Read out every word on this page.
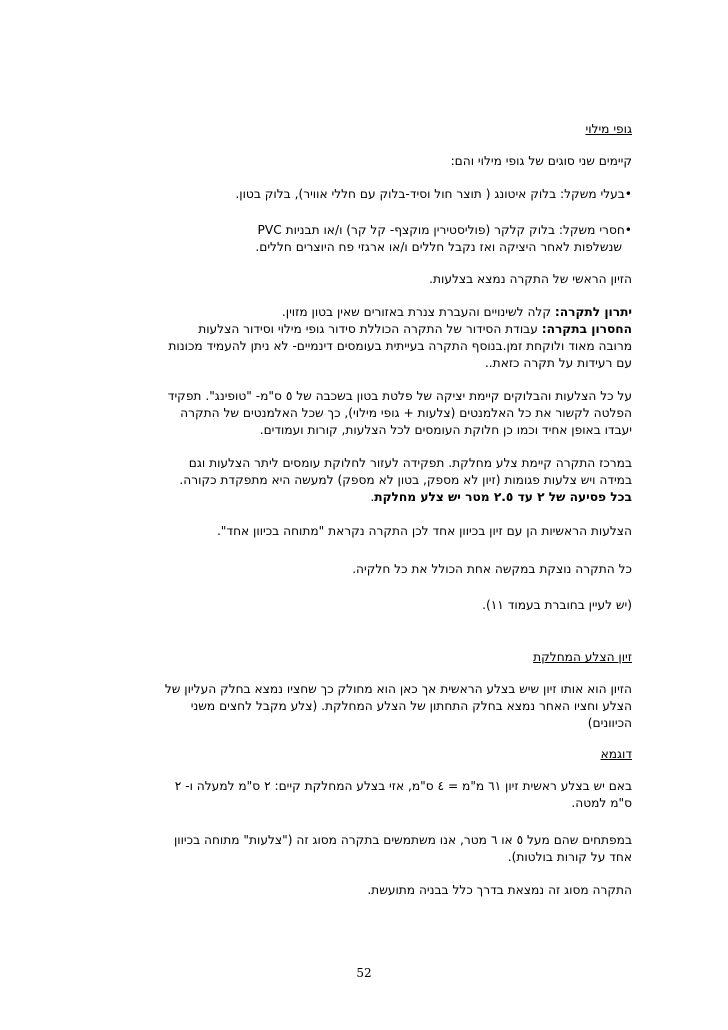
גופי מילוי
קיימים שני סוגים של גופי מילוי והם:
•בעלי משקל: בלוק איטונג ( תוצר חול וסיד-בלוק עם חללי אוויר), בלוק בטון.
•חסרי משקל: בלוק קלקר (פוליסטירין מוקצף- קל קר) ו/או תבניות PVC
שנשלפות לאחר היציקה ואז נקבל חללים ו/או ארגזי פח היוצרים חללים.
הזיון הראשי של התקרה נמצא בצלעות.
יתרון לתקרה: קלה לשינויים והעברת צנרת באזורים שאין בטון מזוין.
החסרון בתקרה: עבודת הסידור של התקרה הכוללת סידור גופי מילוי וסידור הצלעות
מרובה מאוד ולוקחת זמן.בנוסף התקרה בעייתית בעומסים דינמיים- לא ניתן להעמיד מכונות
עם רעידות על תקרה כזאת..
על כל הצלעות והבלוקים קיימת יציקה של פלטת בטון בשכבה של ٥ ס"מ- "טופינג". תפקיד
הפלטה לקשור את כל האלמנטים (צלעות + גופי מילוי), כך שכל האלמנטים של התקרה
יעבדו באופן אחיד וכמו כן חלוקת העומסים לכל הצלעות, קורות ועמודים.
במרכז התקרה קיימת צלע מחלקת. תפקידה לעזור לחלוקת עומסים ליתר הצלעות וגם
במידה ויש צלעות פגומות (זיון לא מספק, בטון לא מספק) למעשה היא מתפקדת כקורה.
בכל פסיעה של ٢ עד ٢.٥ מטר יש צלע מחלקת.
הצלעות הראשיות הן עם זיון בכיוון אחד לכן התקרה נקראת "מתוחה בכיוון אחד".
כל התקרה נוצקת במקשה אחת הכולל את כל חלקיה.
(יש לעיין בחוברת בעמוד ١١).
זיון הצלע המחלקת
הזיון הוא אותו זיון שיש בצלע הראשית אך כאן הוא מחולק כך שחציו נמצא בחלק העליון של
הצלע וחציו האחר נמצא בחלק התחתון של הצלע המחלקת. (צלע מקבל לחצים משני
הכיוונים)
דוגמא
באם יש בצלע ראשית זיון ٦١ מ"מ = ٤ ס"מ, אזי בצלע המחלקת קיים: ٢ ס"מ למעלה ו- ٢
ס"מ למטה.
במפתחים שהם מעל ٥ או ٦ מטר, אנו משתמשים בתקרה מסוג זה ("צלעות" מתוחה בכיוון
אחד על קורות בולטות).
התקרה מסוג זה נמצאת בדרך כלל בבניה מתועשת.
52
